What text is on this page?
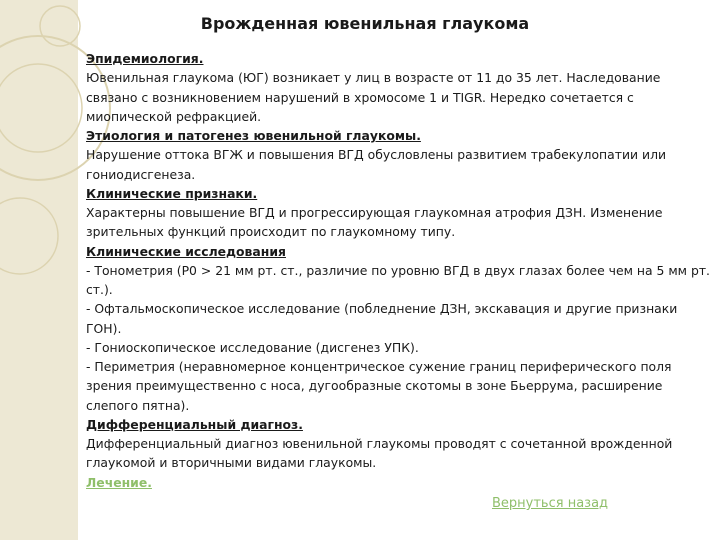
Врожденная ювенильная глаукома

Эпидемиология.

Ювенильная глаукома (ЮГ) возникает у лиц в возрасте от 11 до 35 лет. Наследование связано с возникновением нарушений в хромосоме 1 и TIGR. Нередко сочетается с миопической рефракцией.

Этиология и патогенез ювенильной глаукомы.

Нарушение оттока ВГЖ и повышения ВГД обусловлены развитием трабекулопатии или гониодисгенеза.

Клинические признаки.

Характерны повышение ВГД и прогрессирующая глаукомная атрофия ДЗН. Изменение зрительных функций происходит по глаукомному типу.

Клинические исследования

- Тонометрия (Р0 > 21 мм рт. ст., различие по уровню ВГД в двух глазах более чем на 5 мм рт. ст.).

- Офтальмоскопическое исследование (побледнение ДЗН, экскавация и другие признаки ГОН).

- Гониоскопическое исследование (дисгенез УПК).

- Периметрия (неравномерное концентрическое сужение границ периферического поля зрения преимущественно с носа, дугообразные скотомы в зоне Бьеррума, расширение слепого пятна).

Дифференциальный диагноз.

Дифференциальный диагноз ювенильной глаукомы проводят с сочетанной врожденной глаукомой и вторичными видами глаукомы.

Лечение.

Вернуться назад
